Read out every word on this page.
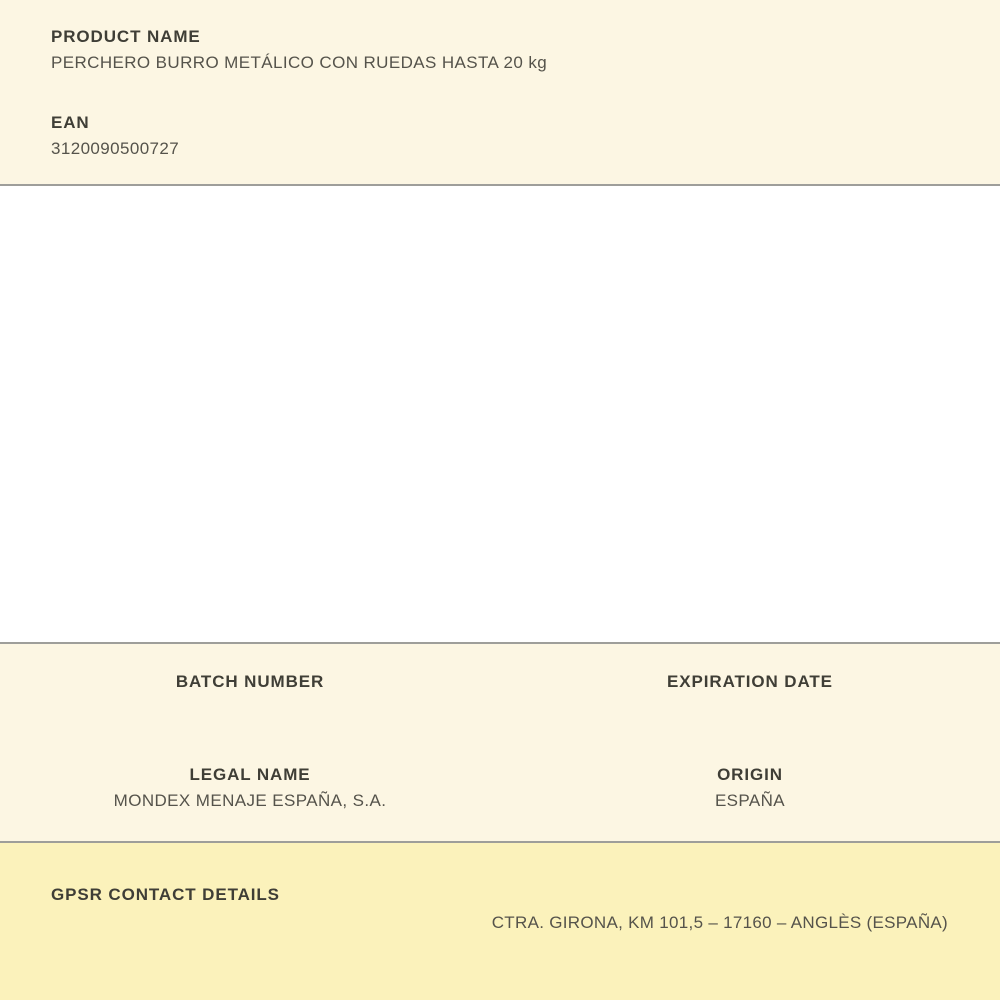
PRODUCT NAME
PERCHERO BURRO METÁLICO CON RUEDAS HASTA 20 kg
EAN
3120090500727
BATCH NUMBER	EXPIRATION DATE
LEGAL NAME
MONDEX MENAJE ESPAÑA, S.A.
ORIGIN
ESPAÑA
GPSR CONTACT DETAILS
CTRA. GIRONA, KM 101,5 – 17160 – ANGLÈS (ESPAÑA)
